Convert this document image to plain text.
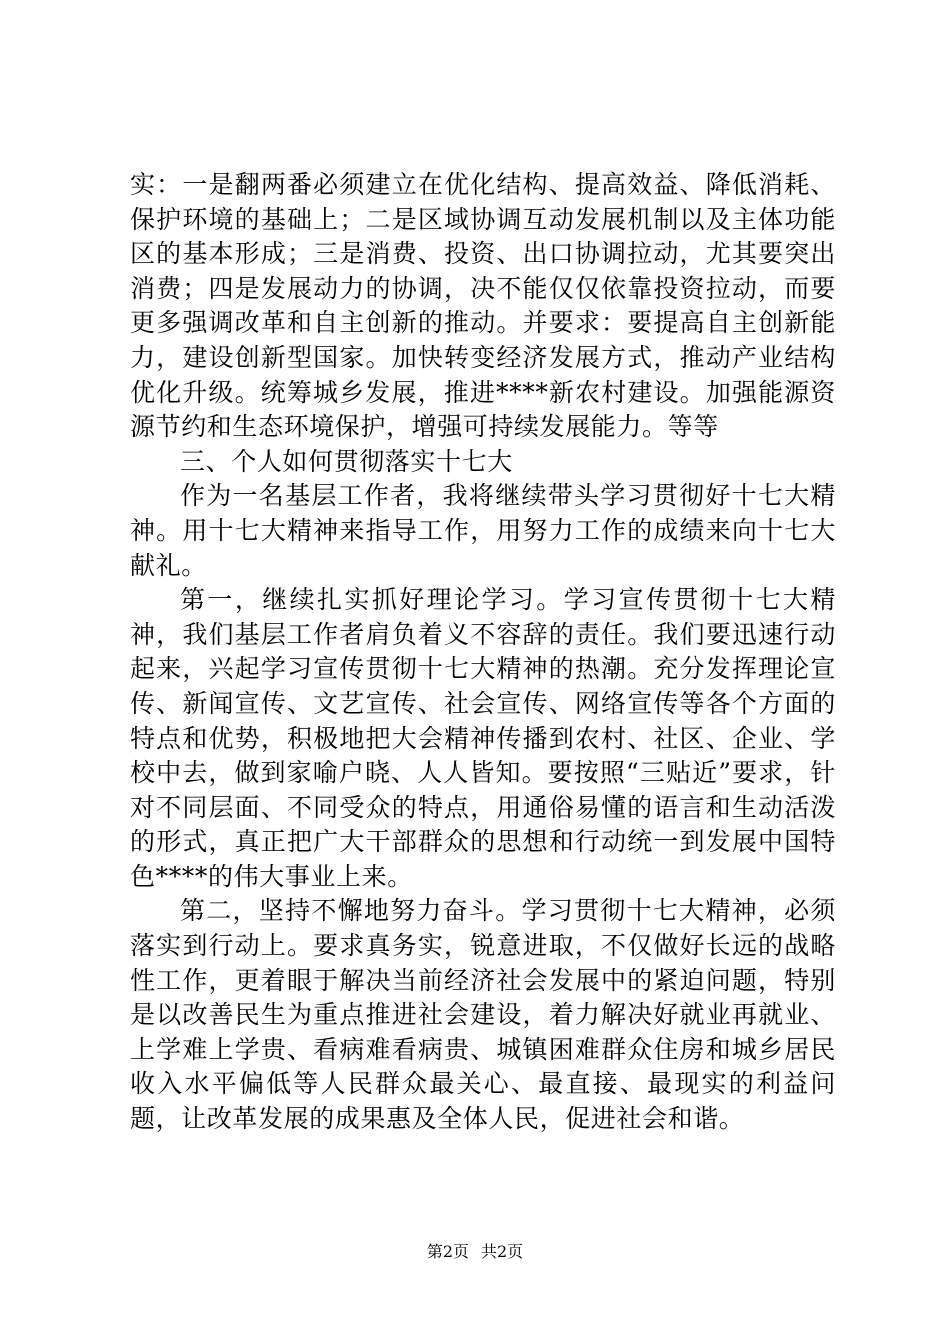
实：一是翻两番必须建立在优化结构、提高效益、降低消耗、保护环境的基础上；二是区域协调互动发展机制以及主体功能区的基本形成；三是消费、投资、出口协调拉动，尤其要突出消费；四是发展动力的协调，决不能仅仅依靠投资拉动，而要更多强调改革和自主创新的推动。并要求：要提高自主创新能力，建设创新型国家。加快转变经济发展方式，推动产业结构优化升级。统筹城乡发展，推进****新农村建设。加强能源资源节约和生态环境保护，增强可持续发展能力。等等

三、个人如何贯彻落实十七大

作为一名基层工作者，我将继续带头学习贯彻好十七大精神。用十七大精神来指导工作，用努力工作的成绩来向十七大献礼。

第一，继续扎实抓好理论学习。学习宣传贯彻十七大精神，我们基层工作者肩负着义不容辞的责任。我们要迅速行动起来，兴起学习宣传贯彻十七大精神的热潮。充分发挥理论宣传、新闻宣传、文艺宣传、社会宣传、网络宣传等各个方面的特点和优势，积极地把大会精神传播到农村、社区、企业、学校中去，做到家喻户晓、人人皆知。要按照“三贴近”要求，针对不同层面、不同受众的特点，用通俗易懂的语言和生动活泼的形式，真正把广大干部群众的思想和行动统一到发展中国特色****的伟大事业上来。

第二，坚持不懈地努力奋斗。学习贯彻十七大精神，必须落实到行动上。要求真务实，锐意进取，不仅做好长远的战略性工作，更着眼于解决当前经济社会发展中的紧迫问题，特别是以改善民生为重点推进社会建设，着力解决好就业再就业、上学难上学贵、看病难看病贵、城镇困难群众住房和城乡居民收入水平偏低等人民群众最关心、最直接、最现实的利益问题，让改革发展的成果惠及全体人民，促进社会和谐。

第2页 共2页
